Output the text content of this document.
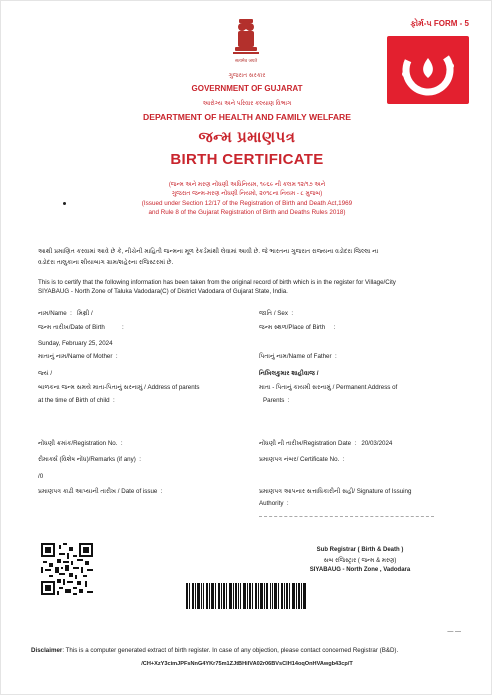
सत्यमेव जयते
ફોર્મ-૫ FORM - 5
ગુજરાત સરકાર
GOVERNMENT OF GUJARAT
આરોગ્ય અને પરિવાર કલ્યાણ વિભાગ
DEPARTMENT OF HEALTH AND FAMILY WELFARE
જન્મ પ્રમાણપત્ર
BIRTH CERTIFICATE
(જન્મ અને મરણ નોંધણી અધિનિયમ, ૧૯૬૯ ની કલમ ૧૨/૧૭ અને
ગુજરાત જન્મ-મરણ નોંધણી નિયમો, ૨૦૧૮ના નિયમ - ૮ મુજબ)
(Issued under Section 12/17 of the Registration of Birth and Death Act,1969
and Rule 8 of the Gujarat Registration of Birth and Deaths Rules 2018)
આથી પ્રમાણિત કરવામાં આવે છે કે, નીચેની માહિતી જન્મના મૂળ રેકર્ડમાંથી લેવામાં આવી છે. જે ભારતના ગુજરાત રાજ્યના વડોદરા જિલ્લા ના
વડોદરા તાલુકાના શીયાબાગ ગ્રામ/શહેરના રજિસ્ટરમાં છે.
This is to certify that the following information has been taken from the original record of birth which is in the register for Village/City
SIYABAUG - North Zone of Taluka Vadodara(C) of District Vadodara of Gujarat State, India.
નામ/Name  :   મિથ્રી /	જાતિ / Sex  :
જન્મ તારીખ/Date of Birth          :	જન્મ સ્થળ/Place of Birth     :
Sunday, February 25, 2024
માતાનું નામ/Name of Mother  :	પિતાનું નામ/Name of Father  :
જ્યં /	નિખિલકુમાર શાહીવાજ /
બાળકના જન્મ સમયે માતા-પિતાનું સરનામું / Address of parents
at the time of Birth of child  :
માતા - પિતાનું કાયમી સરનામું / Permanent Address of
Parents  :
નોંધણી ક્રમાંક/Registration No.  :	નોંધણી ની તારીખ/Registration Date  :   20/03/2024
રીમાર્ક્સ (વિશેષ નોંધ)/Remarks (if any)  :	પ્રમાણપત્ર નંબર/ Certificate No.  :
/0
પ્રમાણપત્ર કાઢી આપ્યાની તારીખ / Date of issue  :	પ્રમાણપત્ર આપનાર સત્તાધિકારીની સહી/ Signature of Issuing
Authority  :
Sub Registrar ( Birth & Death )
સબ રજિસ્ટ્રાર ( જન્મ & મરણ)
SIYABAUG - North Zone , Vadodara
— —
Disclaimer: This is a computer generated extract of birth register. In case of any objection, please contact concerned Registrar (B&D).
/CH+XzY3cimJPFsNnG4YKr75m1ZJtBHiIVA02r06BVsClH14oqOnHVAwgb43cp/T
